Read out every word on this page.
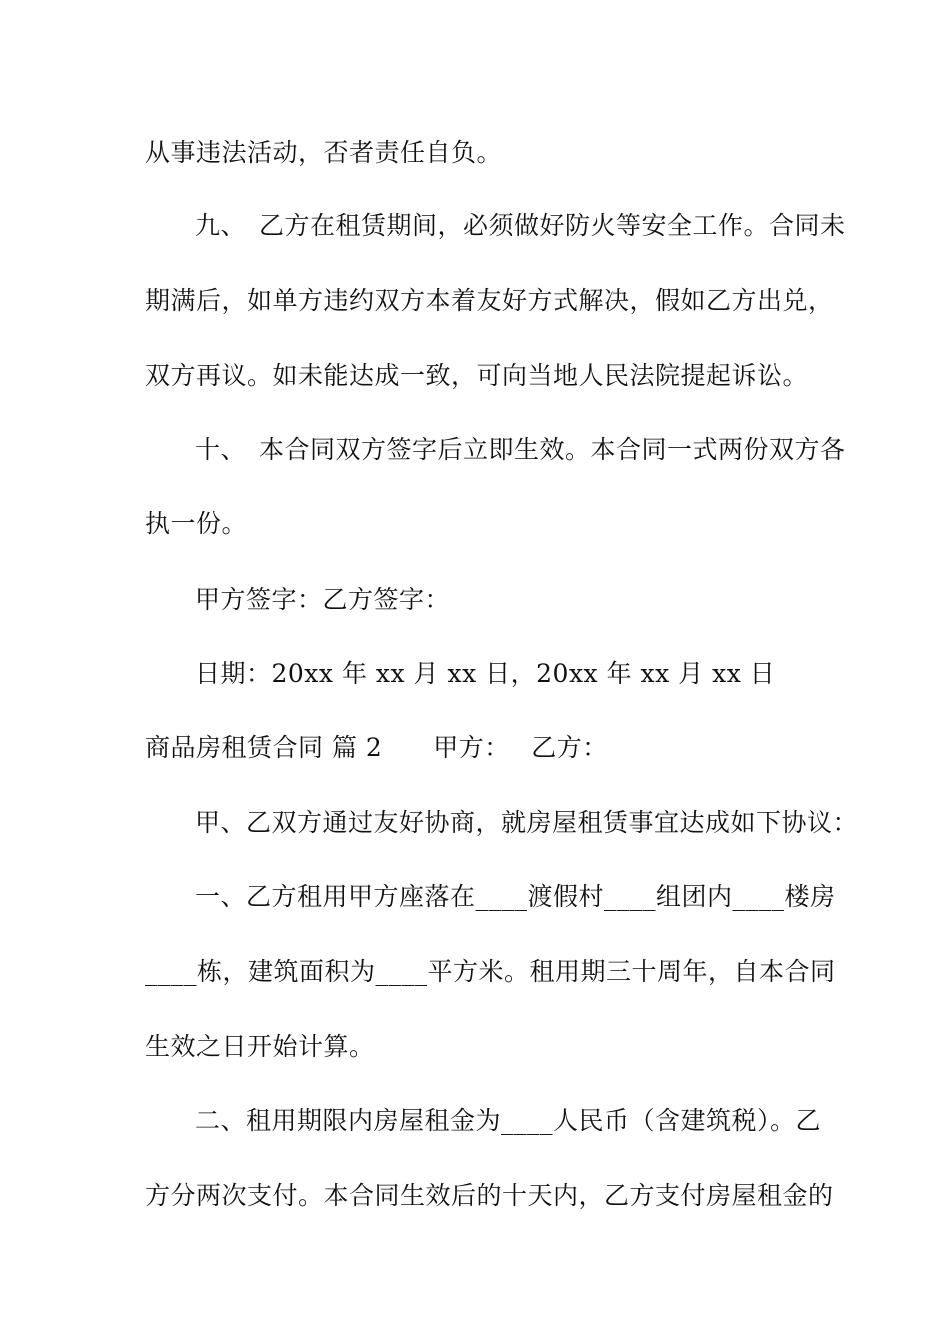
从事违法活动，否者责任自负。
九、　乙方在租赁期间，必须做好防火等安全工作。合同未
期满后，如单方违约双方本着友好方式解决，假如乙方出兑，
双方再议。如未能达成一致，可向当地人民法院提起诉讼。
十、　本合同双方签字后立即生效。本合同一式两份双方各
执一份。
甲方签字：乙方签字：
日期：20xx 年 xx 月 xx 日，20xx 年 xx 月 xx 日
商品房租赁合同 篇 2　　甲方：　 乙方：
甲、乙双方通过友好协商，就房屋租赁事宜达成如下协议：
一、乙方租用甲方座落在____渡假村____组团内____楼房
____栋，建筑面积为____平方米。租用期三十周年，自本合同
生效之日开始计算。
二、租用期限内房屋租金为____人民币（含建筑税）。乙
方分两次支付。本合同生效后的十天内，乙方支付房屋租金的
